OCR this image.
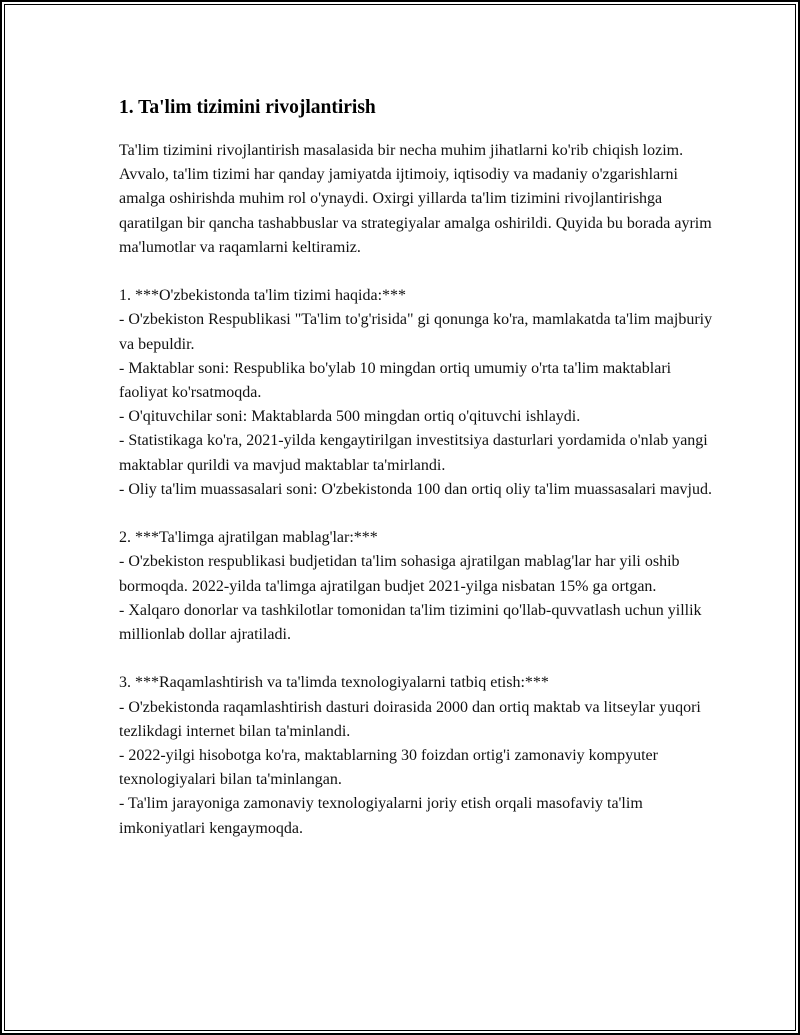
1. Ta'lim tizimini rivojlantirish

Ta'lim tizimini rivojlantirish masalasida bir necha muhim jihatlarni ko'rib chiqish lozim. Avvalo, ta'lim tizimi har qanday jamiyatda ijtimoiy, iqtisodiy va madaniy o'zgarishlarni amalga oshirishda muhim rol o'ynaydi. Oxirgi yillarda ta'lim tizimini rivojlantirishga qaratilgan bir qancha tashabbuslar va strategiyalar amalga oshirildi. Quyida bu borada ayrim ma'lumotlar va raqamlarni keltiramiz.

1. ***O'zbekistonda ta'lim tizimi haqida:***

- O'zbekiston Respublikasi "Ta'lim to'g'risida" gi qonunga ko'ra, mamlakatda ta'lim majburiy va bepuldir.

- Maktablar soni: Respublika bo'ylab 10 mingdan ortiq umumiy o'rta ta'lim maktablari faoliyat ko'rsatmoqda.

- O'qituvchilar soni: Maktablarda 500 mingdan ortiq o'qituvchi ishlaydi.

- Statistikaga ko'ra, 2021-yilda kengaytirilgan investitsiya dasturlari yordamida o'nlab yangi maktablar qurildi va mavjud maktablar ta'mirlandi.

- Oliy ta'lim muassasalari soni: O'zbekistonda 100 dan ortiq oliy ta'lim muassasalari mavjud.

2. ***Ta'limga ajratilgan mablag'lar:***

- O'zbekiston respublikasi budjetidan ta'lim sohasiga ajratilgan mablag'lar har yili oshib bormoqda. 2022-yilda ta'limga ajratilgan budjet 2021-yilga nisbatan 15% ga ortgan.

- Xalqaro donorlar va tashkilotlar tomonidan ta'lim tizimini qo'llab-quvvatlash uchun yillik millionlab dollar ajratiladi.

3. ***Raqamlashtirish va ta'limda texnologiyalarni tatbiq etish:***

- O'zbekistonda raqamlashtirish dasturi doirasida 2000 dan ortiq maktab va litseylar yuqori tezlikdagi internet bilan ta'minlandi.

- 2022-yilgi hisobotga ko'ra, maktablarning 30 foizdan ortig'i zamonaviy kompyuter texnologiyalari bilan ta'minlangan.

- Ta'lim jarayoniga zamonaviy texnologiyalarni joriy etish orqali masofaviy ta'lim imkoniyatlari kengaymoqda.
